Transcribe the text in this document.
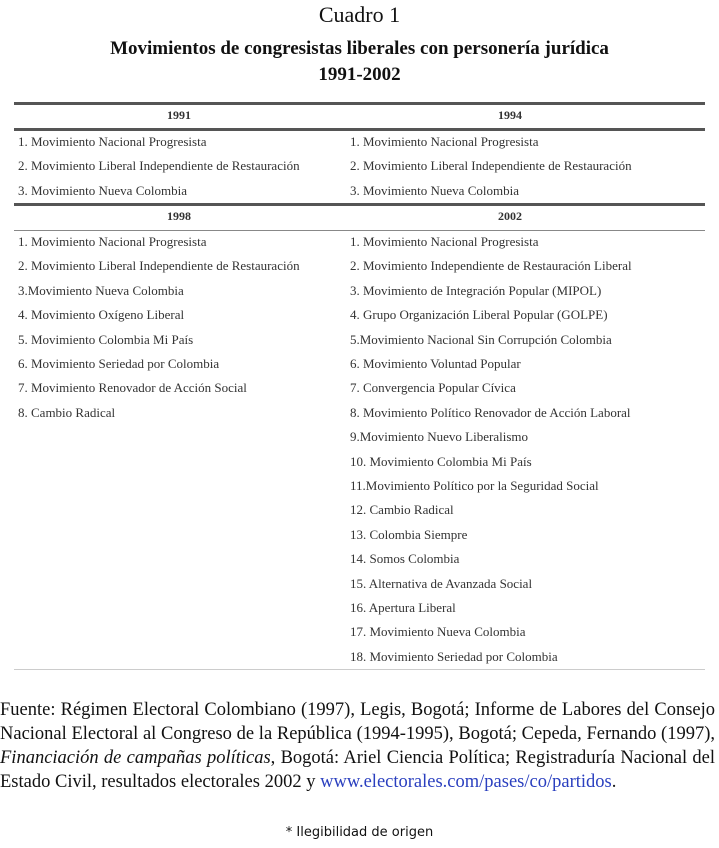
Cuadro 1
Movimientos de congresistas liberales con personería jurídica
1991-2002
1991
1. Movimiento Nacional Progresista
2. Movimiento Liberal Independiente de Restauración
3. Movimiento Nueva Colombia
1994
1. Movimiento Nacional Progresista
2. Movimiento Liberal Independiente de Restauración
3. Movimiento Nueva Colombia
1998
1. Movimiento Nacional Progresista
2. Movimiento Liberal Independiente de Restauración
3.Movimiento Nueva Colombia
4. Movimiento Oxígeno Liberal
5. Movimiento Colombia Mi País
6. Movimiento Seriedad por Colombia
7. Movimiento Renovador de Acción Social
8. Cambio Radical
2002
1. Movimiento Nacional Progresista
2. Movimiento Independiente de Restauración Liberal
3. Movimiento de Integración Popular (MIPOL)
4. Grupo Organización Liberal Popular (GOLPE)
5.Movimiento Nacional Sin Corrupción Colombia
6. Movimiento Voluntad Popular
7. Convergencia Popular Cívica
8. Movimiento Político Renovador de Acción Laboral
9.Movimiento Nuevo Liberalismo
10. Movimiento Colombia Mi País
11.Movimiento Político por la Seguridad Social
12. Cambio Radical
13. Colombia Siempre
14. Somos Colombia
15. Alternativa de Avanzada Social
16. Apertura Liberal
17. Movimiento Nueva Colombia
18. Movimiento Seriedad por Colombia
Fuente: Régimen Electoral Colombiano (1997), Legis, Bogotá; Informe de Labores del Consejo Nacional Electoral al Congreso de la República (1994-1995), Bogotá; Cepeda, Fernando (1997), Financiación de campañas políticas, Bogotá: Ariel Ciencia Política; Registraduría Nacional del Estado Civil, resultados electorales 2002 y www.electorales.com/pases/co/partidos.
* Ilegibilidad de origen
